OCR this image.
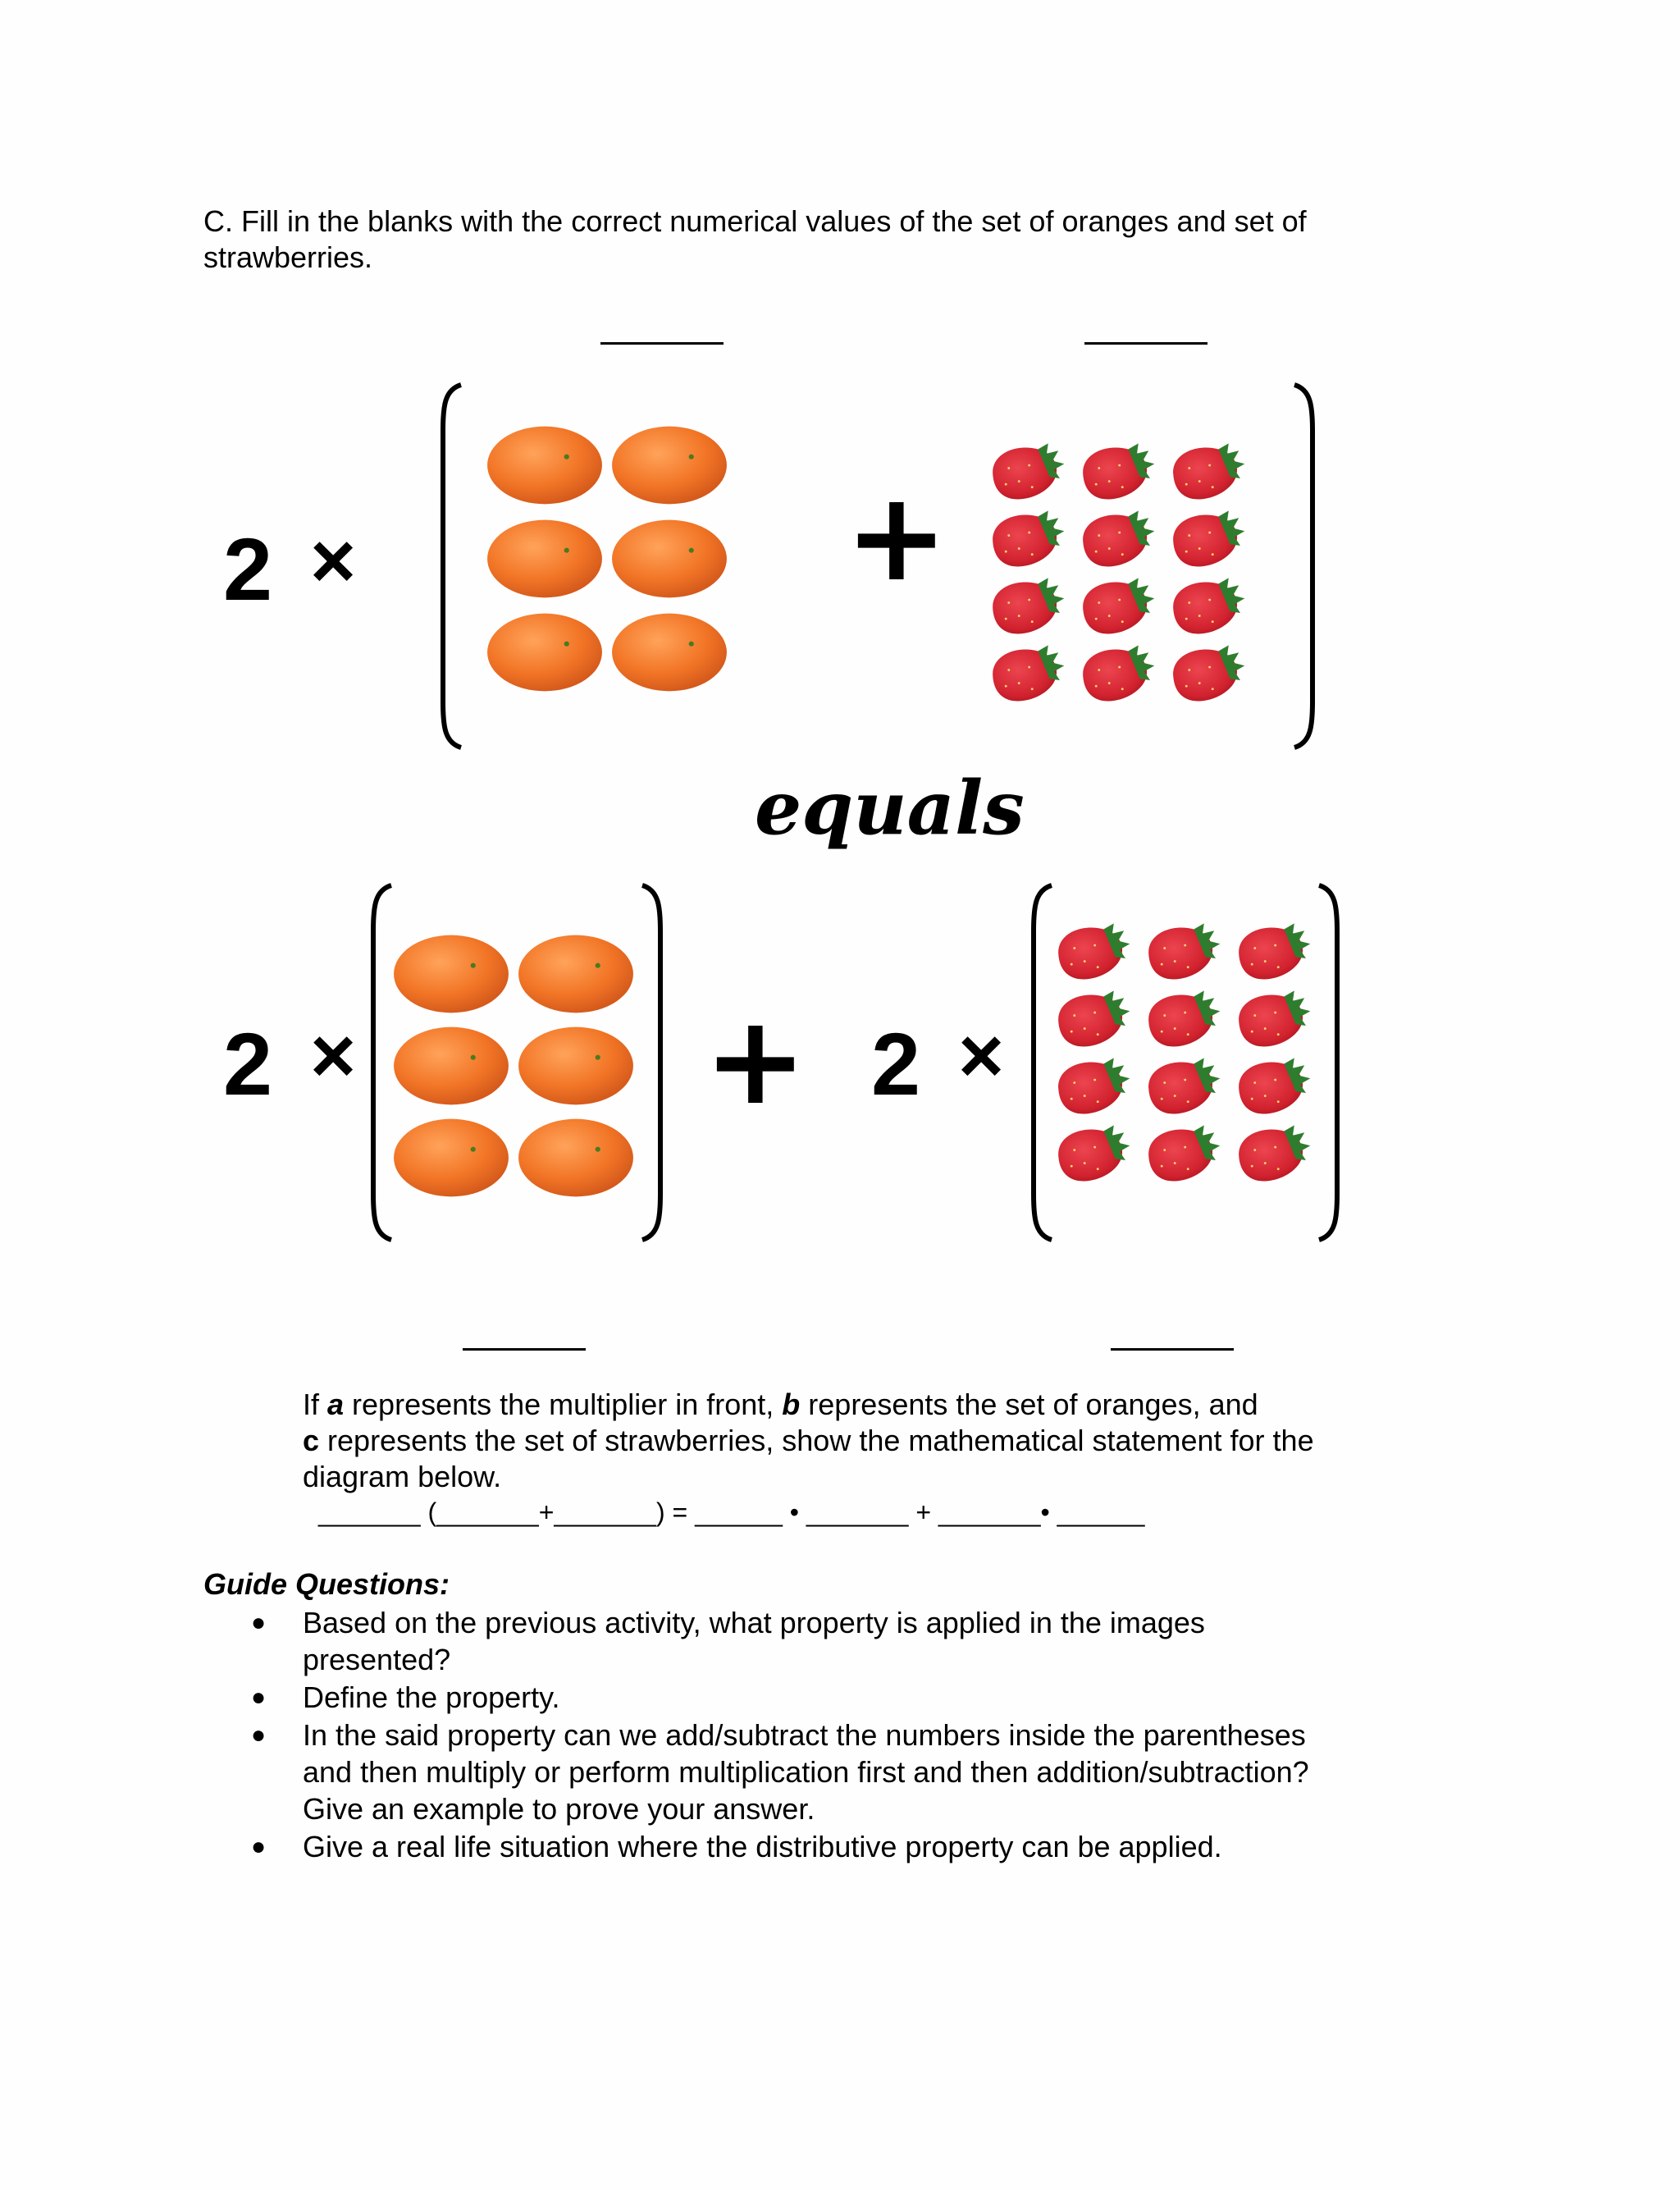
C. Fill in the blanks with the correct numerical values of the set of oranges and set of strawberries.
2 ×	+
equals
2 ×	+ 2 ×
If a represents the multiplier in front, b represents the set of oranges, and
c represents the set of strawberries, show the mathematical statement for the diagram below.
_______ (_______+_______) = ______ • _______ + _______• ______
Guide Questions:
● Based on the previous activity, what property is applied in the images presented?
● Define the property.
● In the said property can we add/subtract the numbers inside the parentheses and then multiply or perform multiplication first and then addition/subtraction? Give an example to prove your answer.
● Give a real life situation where the distributive property can be applied.
